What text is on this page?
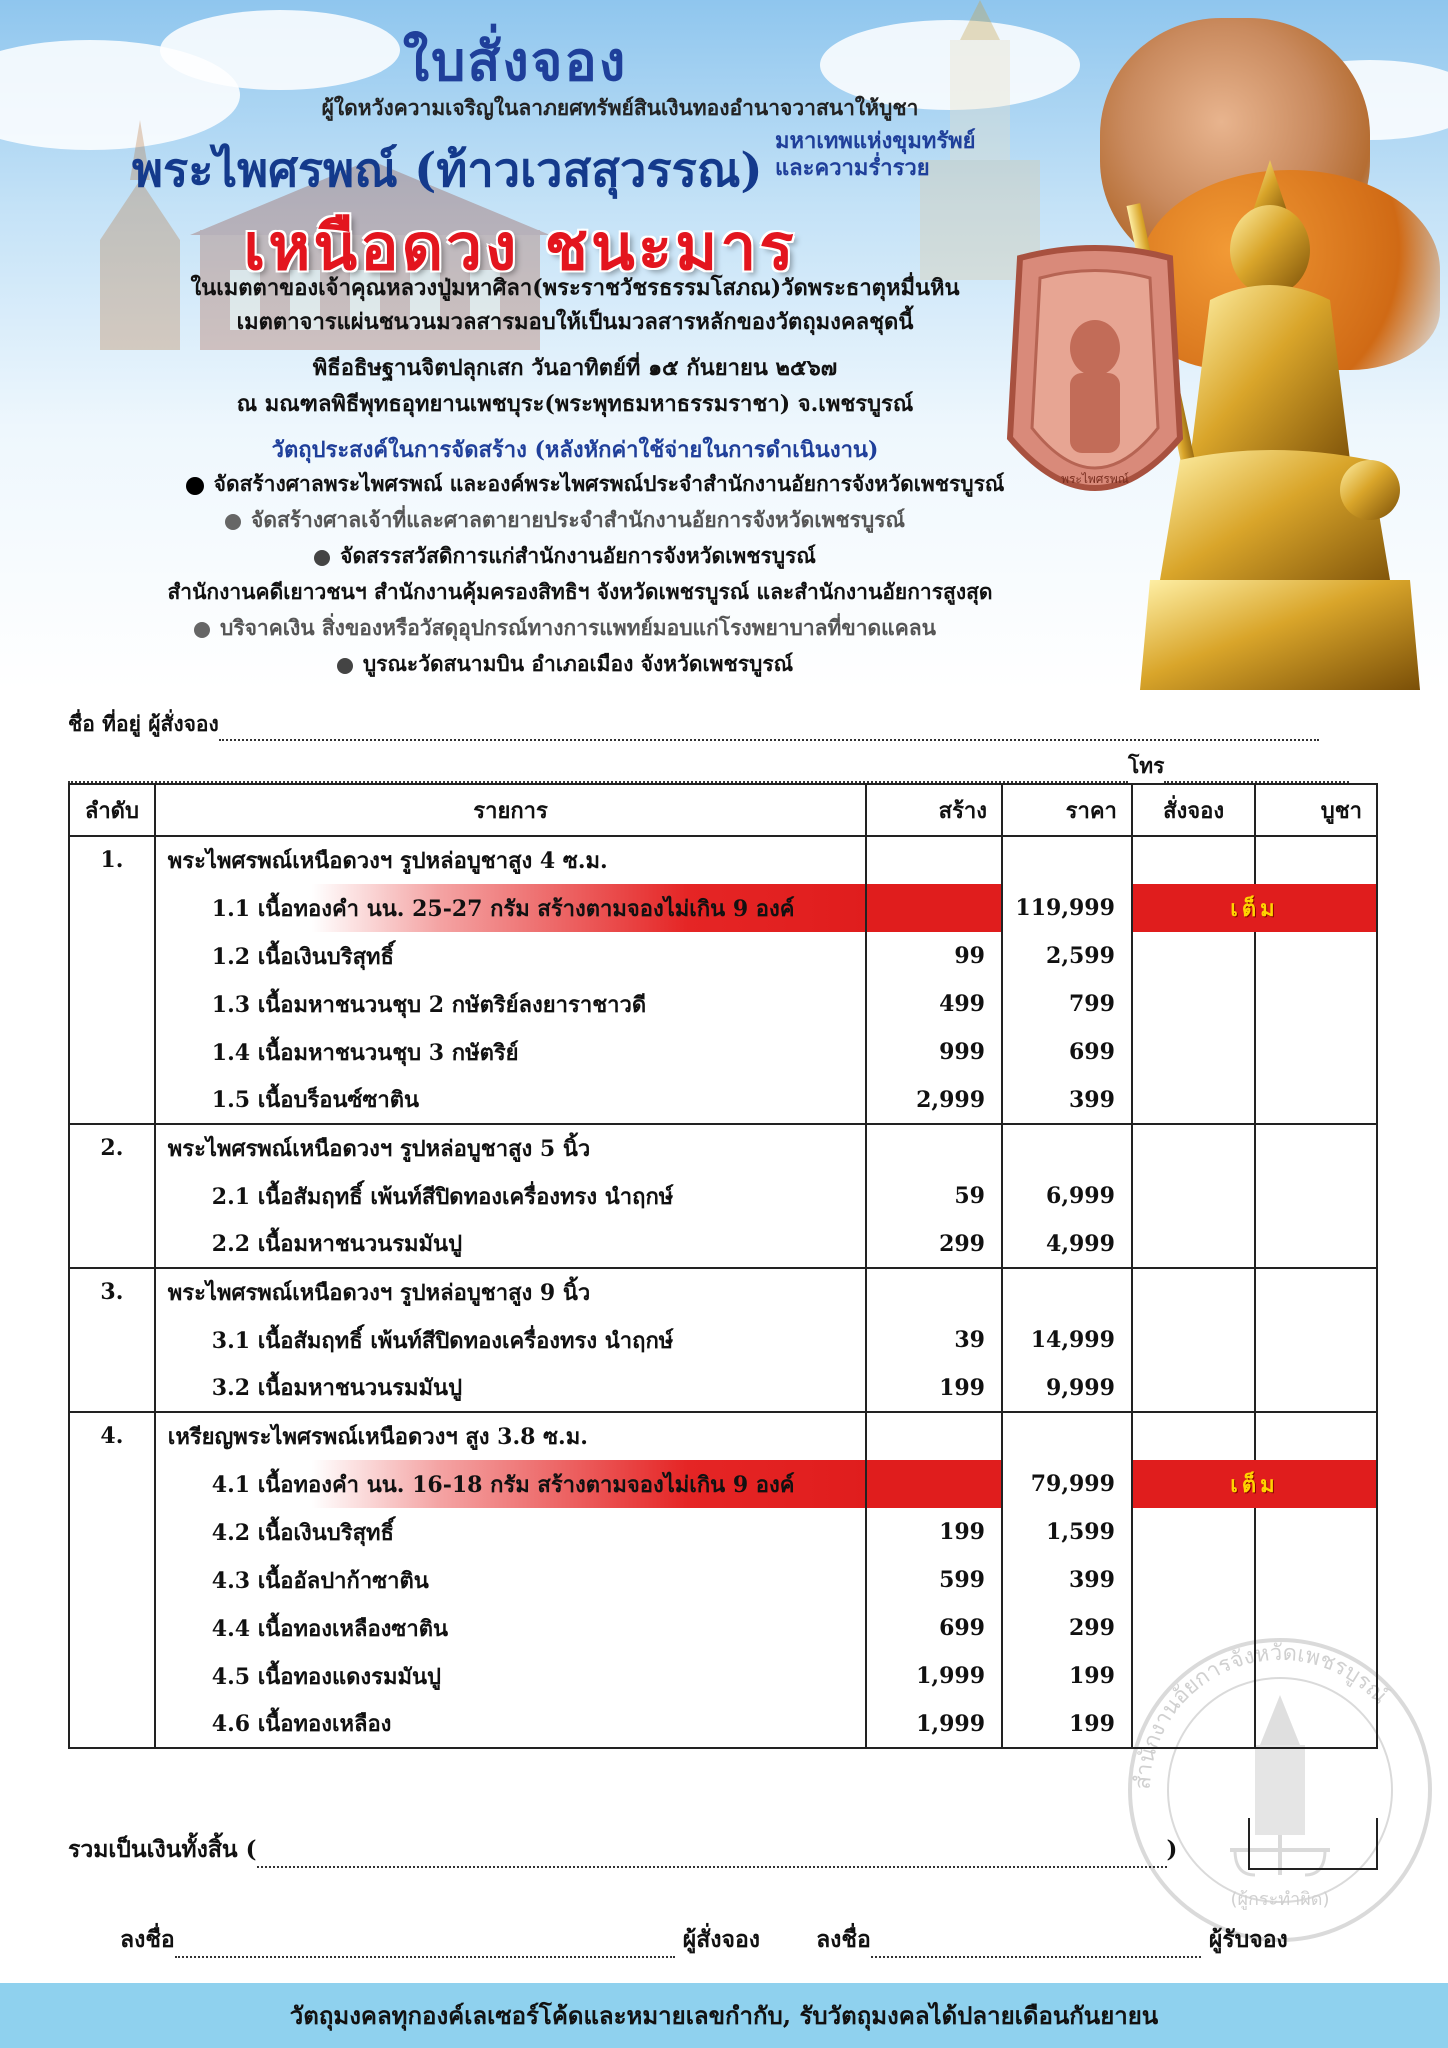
พระไพศรพณ์
ใบสั่งจอง
ผู้ใดหวังความเจริญในลาภยศทรัพย์สินเงินทองอำนาจวาสนาให้บูชา
พระไพศรพณ์ (ท้าวเวสสุวรรณ)
มหาเทพแห่งขุมทรัพย์
และความร่ำรวย
เหนือดวง ชนะมาร
ในเมตตาของเจ้าคุณหลวงปู่มหาศิลา(พระราชวัชรธรรมโสภณ)วัดพระธาตุหมื่นหิน
เมตตาจารแผ่นชนวนมวลสารมอบให้เป็นมวลสารหลักของวัตถุมงคลชุดนี้
พิธีอธิษฐานจิตปลุกเสก วันอาทิตย์ที่ ๑๕ กันยายน ๒๕๖๗
ณ มณฑลพิธีพุทธอุทยานเพชบุระ(พระพุทธมหาธรรมราชา) จ.เพชรบูรณ์
วัตถุประสงค์ในการจัดสร้าง (หลังหักค่าใช้จ่ายในการดำเนินงาน)
จัดสร้างศาลพระไพศรพณ์ และองค์พระไพศรพณ์ประจำสำนักงานอัยการจังหวัดเพชรบูรณ์
จัดสร้างศาลเจ้าที่และศาลตายายประจำสำนักงานอัยการจังหวัดเพชรบูรณ์
จัดสรรสวัสดิการแก่สำนักงานอัยการจังหวัดเพชรบูรณ์
สำนักงานคดีเยาวชนฯ สำนักงานคุ้มครองสิทธิฯ จังหวัดเพชรบูรณ์ และสำนักงานอัยการสูงสุด
บริจาคเงิน สิ่งของหรือวัสดุอุปกรณ์ทางการแพทย์มอบแก่โรงพยาบาลที่ขาดแคลน
บูรณะวัดสนามบิน อำเภอเมือง จังหวัดเพชรบูรณ์
ชื่อ ที่อยู่ ผู้สั่งจอง
โทร
สำนักงานอัยการจังหวัดเพชรบูรณ์
(ผู้กระทำผิด)
ลำดับ	รายการ	สร้าง	ราคา	สั่งจอง	บูชา
1.	พระไพศรพณ์เหนือดวงฯ รูปหล่อบูชาสูง 4 ซ.ม.				
	1.1 เนื้อทองคำ นน. 25-27 กรัม สร้างตามจองไม่เกิน 9 องค์		119,999	เต็ม	
	1.2 เนื้อเงินบริสุทธิ์	99	2,599		
	1.3 เนื้อมหาชนวนชุบ 2 กษัตริย์ลงยาราชาวดี	499	799		
	1.4 เนื้อมหาชนวนชุบ 3 กษัตริย์	999	699		
	1.5 เนื้อบร็อนซ์ซาติน	2,999	399		
2.	พระไพศรพณ์เหนือดวงฯ รูปหล่อบูชาสูง 5 นิ้ว				
	2.1 เนื้อสัมฤทธิ์ เพ้นท์สีปิดทองเครื่องทรง นำฤกษ์	59	6,999		
	2.2 เนื้อมหาชนวนรมมันปู	299	4,999		
3.	พระไพศรพณ์เหนือดวงฯ รูปหล่อบูชาสูง 9 นิ้ว				
	3.1 เนื้อสัมฤทธิ์ เพ้นท์สีปิดทองเครื่องทรง นำฤกษ์	39	14,999		
	3.2 เนื้อมหาชนวนรมมันปู	199	9,999		
4.	เหรียญพระไพศรพณ์เหนือดวงฯ สูง 3.8 ซ.ม.				
	4.1 เนื้อทองคำ นน. 16-18 กรัม สร้างตามจองไม่เกิน 9 องค์		79,999	เต็ม	
	4.2 เนื้อเงินบริสุทธิ์	199	1,599		
	4.3 เนื้ออัลปาก้าซาติน	599	399		
	4.4 เนื้อทองเหลืองซาติน	699	299		
	4.5 เนื้อทองแดงรมมันปู	1,999	199		
	4.6 เนื้อทองเหลือง	1,999	199		
รวมเป็นเงินทั้งสิ้น (	)
ลงชื่อ	ผู้สั่งจอง ลงชื่อ	ผู้รับจอง
วัตถุมงคลทุกองค์เลเซอร์โค้ดและหมายเลขกำกับ, รับวัตถุมงคลได้ปลายเดือนกันยายน
